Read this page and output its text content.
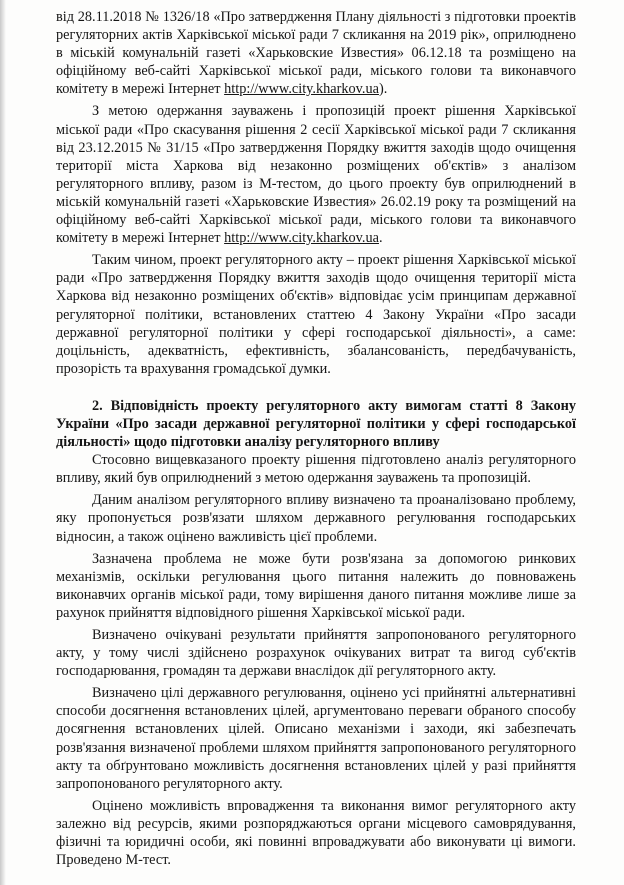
від 28.11.2018 № 1326/18 «Про затвердження Плану діяльності з підготовки проектів регуляторних актів Харківської міської ради 7 скликання на 2019 рік», оприлюднено в міській комунальній газеті «Харьковские Известия» 06.12.18 та розміщено на офіційному веб-сайті Харківської міської ради, міського голови та виконавчого комітету в мережі Інтернет http://www.city.kharkov.ua).

З метою одержання зауважень і пропозицій проект рішення Харківської міської ради «Про скасування рішення 2 сесії Харківської міської ради 7 скликання від 23.12.2015 № 31/15 «Про затвердження Порядку вжиття заходів щодо очищення території міста Харкова від незаконно розміщених об'єктів» з аналізом регуляторного впливу, разом із М-тестом, до цього проекту був оприлюднений в міській комунальній газеті «Харьковские Известия» 26.02.19 року та розміщений на офіційному веб-сайті Харківської міської ради, міського голови та виконавчого комітету в мережі Інтернет http://www.city.kharkov.ua.

Таким чином, проект регуляторного акту – проект рішення Харківської міської ради «Про затвердження Порядку вжиття заходів щодо очищення території міста Харкова від незаконно розміщених об'єктів» відповідає усім принципам державної регуляторної політики, встановлених статтею 4 Закону України «Про засади державної регуляторної політики у сфері господарської діяльності», а саме: доцільність, адекватність, ефективність, збалансованість, передбачуваність, прозорість та врахування громадської думки.

2. Відповідність проекту регуляторного акту вимогам статті 8 Закону України «Про засади державної регуляторної політики у сфері господарської діяльності» щодо підготовки аналізу регуляторного впливу

Стосовно вищевказаного проекту рішення підготовлено аналіз регуляторного впливу, який був оприлюднений з метою одержання зауважень та пропозицій.

Даним аналізом регуляторного впливу визначено та проаналізовано проблему, яку пропонується розв'язати шляхом державного регулювання господарських відносин, а також оцінено важливість цієї проблеми.

Зазначена проблема не може бути розв'язана за допомогою ринкових механізмів, оскільки регулювання цього питання належить до повноважень виконавчих органів міської ради, тому вирішення даного питання можливе лише за рахунок прийняття відповідного рішення Харківської міської ради.

Визначено очікувані результати прийняття запропонованого регуляторного акту, у тому числі здійснено розрахунок очікуваних витрат та вигод суб'єктів господарювання, громадян та держави внаслідок дії регуляторного акту.

Визначено цілі державного регулювання, оцінено усі прийнятні альтернативні способи досягнення встановлених цілей, аргументовано переваги обраного способу досягнення встановлених цілей. Описано механізми і заходи, які забезпечать розв'язання визначеної проблеми шляхом прийняття запропонованого регуляторного акту та обґрунтовано можливість досягнення встановлених цілей у разі прийняття запропонованого регуляторного акту.

Оцінено можливість впровадження та виконання вимог регуляторного акту залежно від ресурсів, якими розпоряджаються органи місцевого самоврядування, фізичні та юридичні особи, які повинні впроваджувати або виконувати ці вимоги. Проведено М-тест.
